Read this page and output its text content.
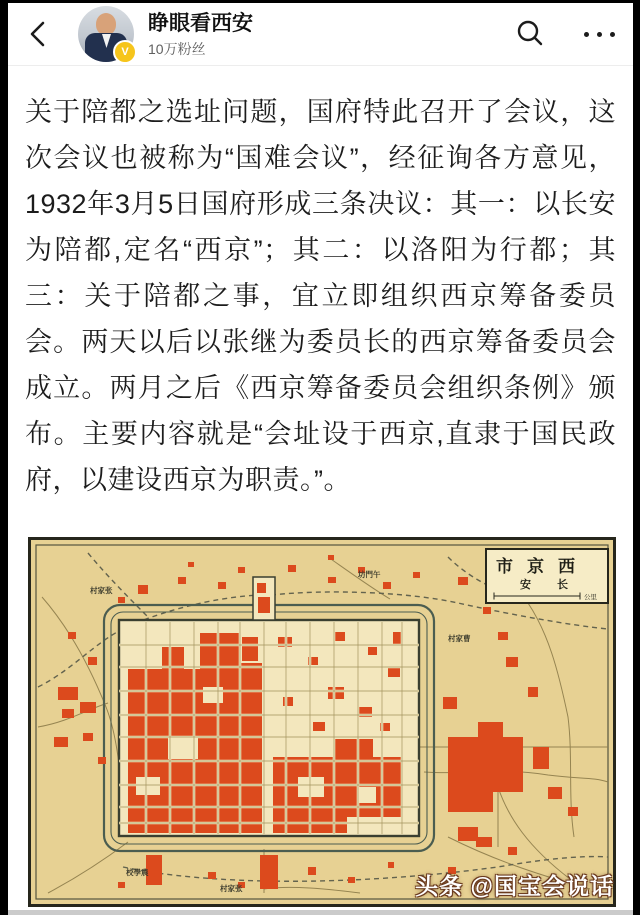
V
睁眼看西安
10万粉丝
关于陪都之选址问题，国府特此召开了会议，这次会议也被称为“国难会议”，经征询各方意见，1932年3月5日国府形成三条决议：其一：以长安为陪都,定名“西京”；其二：以洛阳为行都；其三：关于陪都之事，宜立即组织西京筹备委员会。两天以后以张继为委员长的西京筹备委员会成立。两月之后《西京筹备委员会组织条例》颁布。主要内容就是“会址设于西京,直隶于国民政府，以建设西京为职责。”。
村家张
坊門午
村家曹
校學農
村家张
市京西
安长
公里
头条 @国宝会说话
